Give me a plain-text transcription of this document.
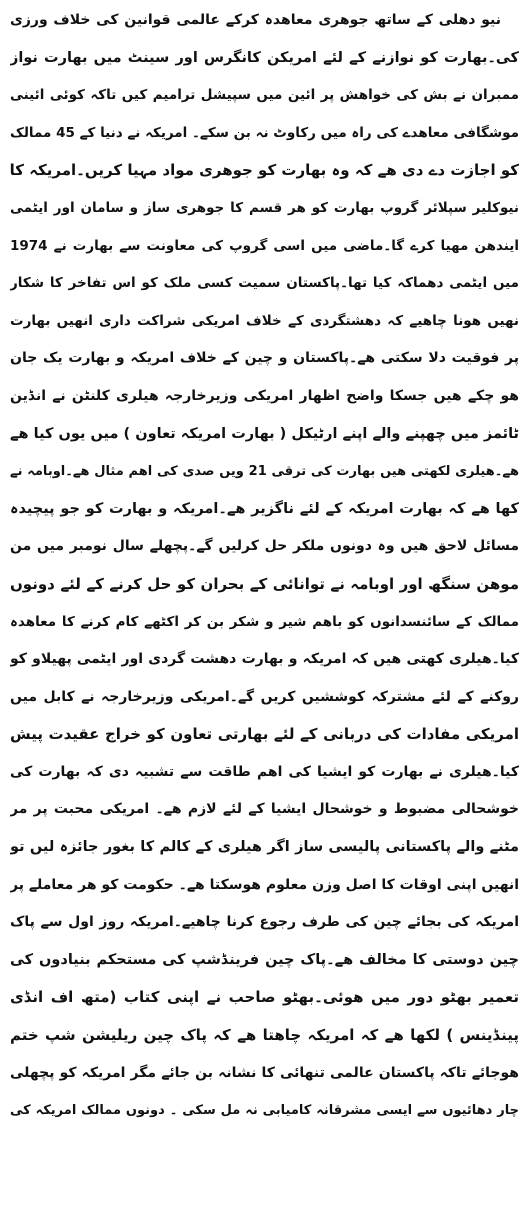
نیو دھلی کے ساتھ جوھری معاھدہ کرکے عالمی قوانین کی خلاف ورزی
کی۔بھارت کو نوازنے کے لئے امریکن کانگرس اور سینٹ میں بھارت نواز
ممبران نے بش کی خواھش پر ائین میں سپیشل ترامیم کیں تاکہ کوئی ائینی
موشگافی معاھدے کی راہ میں رکاوٹ نہ بن سکے۔ امریکہ نے دنیا کے 45 ممالک
کو اجازت دے دی ھے کہ وہ بھارت کو جوھری مواد مہیا کریں۔امریکہ کا
نیوکلیر سپلائر گروپ بھارت کو ھر قسم کا جوھری ساز و سامان اور ایٹمی
ایندھن مھیا کرے گا۔ماضی میں اسی گروپ کی معاونت سے بھارت نے 1974
میں ایٹمی دھماکہ کیا تھا۔پاکستان سمیت کسی ملک کو اس تفاخر کا شکار
نھیں ھونا چاھیے کہ دھشتگردی کے خلاف امریکی شراکت داری انھیں بھارت
پر فوقیت دلا سکتی ھے۔پاکستان و چین کے خلاف امریکہ و بھارت یک جان
ھو چکے ھیں جسکا واضح اظھار امریکی وزیرخارجہ ھیلری کلنٹن نے انڈین
ٹائمز میں چھپنے والے اپنے ارٹیکل ( بھارت امریکہ تعاون ) میں یوں کیا ھے
ھے۔ھیلری لکھتی ھیں بھارت کی ترقی 21 ویں صدی کی اھم مثال ھے۔اوبامہ نے
کھا ھے کہ بھارت امریکہ کے لئے ناگزیر ھے۔امریکہ و بھارت کو جو پیچیدہ
مسائل لاحق ھیں وہ دونوں ملکر حل کرلیں گے۔پچھلے سال نومبر میں من
موھن سنگھ اور اوبامہ نے توانائی کے بحران کو حل کرنے کے لئے دونوں
ممالک کے سائنسدانوں کو باھم شیر و شکر بن کر اکٹھے کام کرنے کا معاھدہ
کیا۔ھیلری کھتی ھیں کہ امریکہ و بھارت دھشت گردی اور ایٹمی پھیلاو کو
روکنے کے لئے مشترکہ کوششیں کریں گے۔امریکی وزیرخارجہ نے کابل میں
امریکی مفادات کی دربانی کے لئے بھارتی تعاون کو خراج عقیدت پیش
کیا۔ھیلری نے بھارت کو ایشیا کی اھم طاقت سے تشبیہ دی کہ بھارت کی
خوشحالی مضبوط و خوشحال ایشیا کے لئے لازم ھے۔ امریکی محبت پر مر
مٹنے والے پاکستانی پالیسی ساز اگر ھیلری کے کالم کا بغور جائزہ لیں تو
انھیں اپنی اوقات کا اصل وزن معلوم ھوسکتا ھے۔ حکومت کو ھر معاملے پر
امریکہ کی بجائے چین کی طرف رجوع کرنا چاھیے۔امریکہ روز اول سے پاک
چین دوستی کا مخالف ھے۔پاک چین فرینڈشپ کی مستحکم بنیادوں کی
تعمیر بھٹو دور میں ھوئی۔بھٹو صاحب نے اپنی کتاب (متھ اف انڈی
پینڈینس ) لکھا ھے کہ امریکہ چاھتا ھے کہ پاک چین ریلیشن شپ ختم
ھوجائے تاکہ پاکستان عالمی تنھائی کا نشانہ بن جائے مگر امریکہ کو پچھلی
چار دھائیوں سے ایسی مشرقانہ کامیابی نہ مل سکی ۔ دونوں ممالک امریکہ کی
